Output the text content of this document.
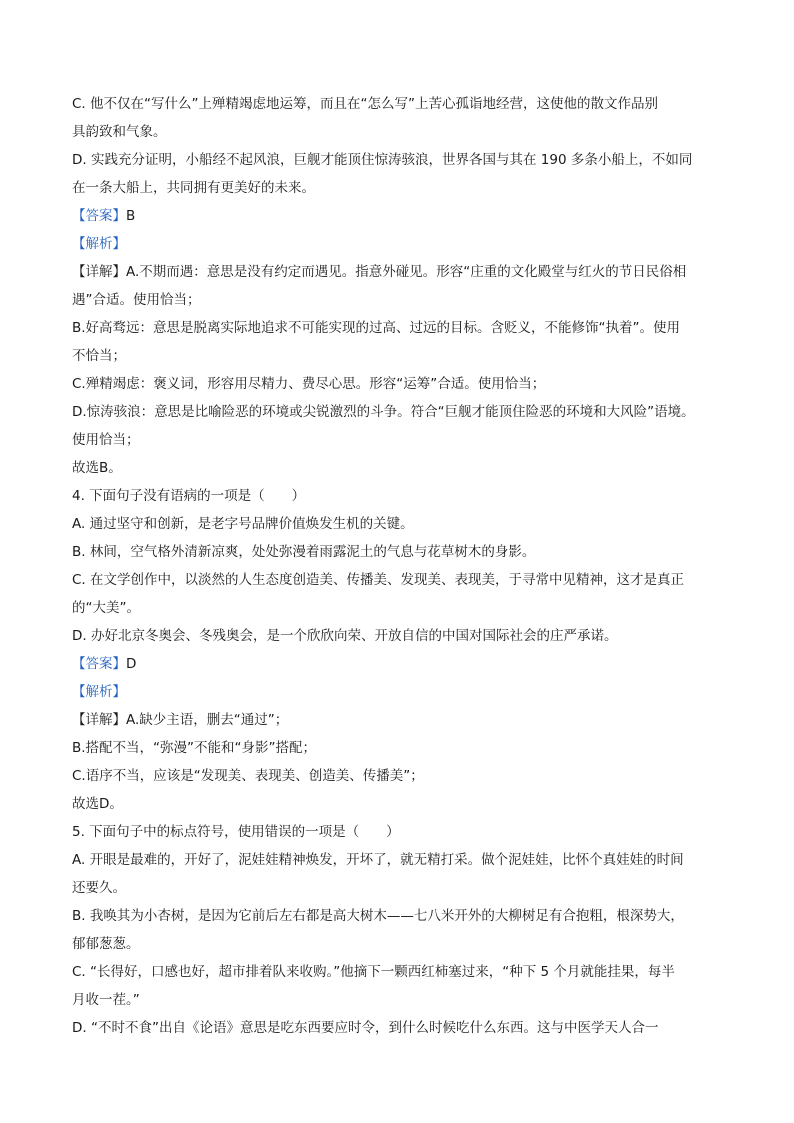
C. 他不仅在“写什么”上殚精竭虑地运筹，而且在“怎么写”上苦心孤诣地经营，这使他的散文作品别
具韵致和气象。
D. 实践充分证明，小船经不起风浪，巨舰才能顶住惊涛骇浪，世界各国与其在 190 多条小船上，不如同
在一条大船上，共同拥有更美好的未来。
【答案】B
【解析】
【详解】A.不期而遇：意思是没有约定而遇见。指意外碰见。形容“庄重的文化殿堂与红火的节日民俗相
遇”合适。使用恰当；
B.好高骛远：意思是脱离实际地追求不可能实现的过高、过远的目标。含贬义，不能修饰“执着”。使用
不恰当；
C.殚精竭虑：褒义词，形容用尽精力、费尽心思。形容“运筹”合适。使用恰当；
D.惊涛骇浪：意思是比喻险恶的环境或尖锐激烈的斗争。符合“巨舰才能顶住险恶的环境和大风险”语境。
使用恰当；
故选B。
4. 下面句子没有语病的一项是（　　）
A. 通过坚守和创新，是老字号品牌价值焕发生机的关键。
B. 林间，空气格外清新凉爽，处处弥漫着雨露泥土的气息与花草树木的身影。
C. 在文学创作中，以淡然的人生态度创造美、传播美、发现美、表现美，于寻常中见精神，这才是真正
的“大美”。
D. 办好北京冬奥会、冬残奥会，是一个欣欣向荣、开放自信的中国对国际社会的庄严承诺。
【答案】D
【解析】
【详解】A.缺少主语，删去“通过”；
B.搭配不当，“弥漫”不能和“身影”搭配；
C.语序不当，应该是“发现美、表现美、创造美、传播美”；
故选D。
5. 下面句子中的标点符号，使用错误的一项是（　　）
A. 开眼是最难的，开好了，泥娃娃精神焕发，开坏了，就无精打采。做个泥娃娃，比怀个真娃娃的时间
还要久。
B. 我唤其为小杏树，是因为它前后左右都是高大树木——七八米开外的大柳树足有合抱粗，根深势大，
郁郁葱葱。
C. “长得好，口感也好，超市排着队来收购。”他摘下一颗西红柿塞过来，“种下 5 个月就能挂果，每半
月收一茬。”
D. “不时不食”出自《论语》意思是吃东西要应时令，到什么时候吃什么东西。这与中医学天人合一
